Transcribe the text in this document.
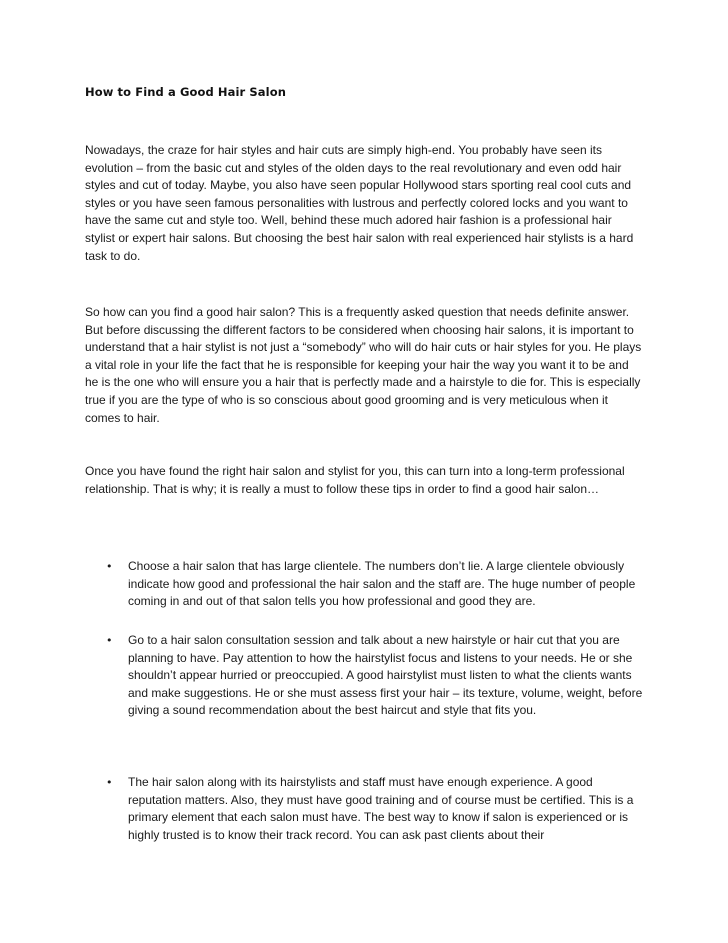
How to Find a Good Hair Salon

Nowadays, the craze for hair styles and hair cuts are simply high-end. You probably have seen its evolution – from the basic cut and styles of the olden days to the real revolutionary and even odd hair styles and cut of today. Maybe, you also have seen popular Hollywood stars sporting real cool cuts and styles or you have seen famous personalities with lustrous and perfectly colored locks and you want to have the same cut and style too. Well, behind these much adored hair fashion is a professional hair stylist or expert hair salons. But choosing the best hair salon with real experienced hair stylists is a hard task to do.

So how can you find a good hair salon? This is a frequently asked question that needs definite answer. But before discussing the different factors to be considered when choosing hair salons, it is important to understand that a hair stylist is not just a “somebody” who will do hair cuts or hair styles for you. He plays a vital role in your life the fact that he is responsible for keeping your hair the way you want it to be and he is the one who will ensure you a hair that is perfectly made and a hairstyle to die for. This is especially true if you are the type of who is so conscious about good grooming and is very meticulous when it comes to hair.

Once you have found the right hair salon and stylist for you, this can turn into a long-term professional relationship. That is why; it is really a must to follow these tips in order to find a good hair salon…

• Choose a hair salon that has large clientele. The numbers don’t lie. A large clientele obviously indicate how good and professional the hair salon and the staff are. The huge number of people coming in and out of that salon tells you how professional and good they are.
• Go to a hair salon consultation session and talk about a new hairstyle or hair cut that you are planning to have. Pay attention to how the hairstylist focus and listens to your needs. He or she shouldn’t appear hurried or preoccupied. A good hairstylist must listen to what the clients wants and make suggestions. He or she must assess first your hair – its texture, volume, weight, before giving a sound recommendation about the best haircut and style that fits you.
• The hair salon along with its hairstylists and staff must have enough experience. A good reputation matters. Also, they must have good training and of course must be certified. This is a primary element that each salon must have. The best way to know if salon is experienced or is highly trusted is to know their track record. You can ask past clients about their
